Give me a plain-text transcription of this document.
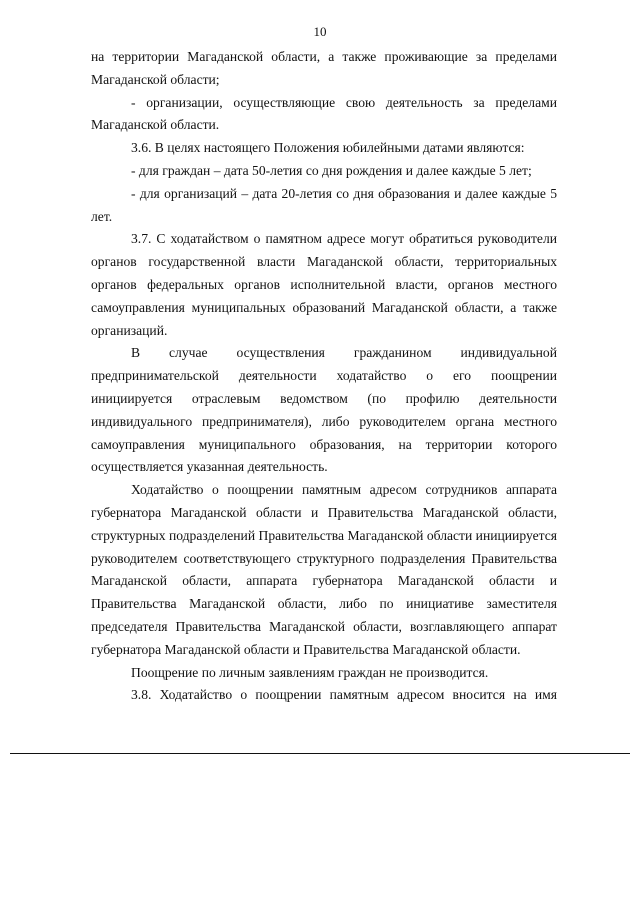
10

на территории Магаданской области, а также проживающие за пределами Магаданской области;

- организации, осуществляющие свою деятельность за пределами Магаданской области.

3.6. В целях настоящего Положения юбилейными датами являются:

- для граждан – дата 50-летия со дня рождения и далее каждые 5 лет;

- для организаций – дата 20-летия со дня образования и далее каждые 5 лет.

3.7. С ходатайством о памятном адресе могут обратиться руководители органов государственной власти Магаданской области, территориальных органов федеральных органов исполнительной власти, органов местного самоуправления муниципальных образований Магаданской области, а также организаций.

В случае осуществления гражданином индивидуальной предпринимательской деятельности ходатайство о его поощрении инициируется отраслевым ведомством (по профилю деятельности индивидуального предпринимателя), либо руководителем органа местного самоуправления муниципального образования, на территории которого осуществляется указанная деятельность.

Ходатайство о поощрении памятным адресом сотрудников аппарата губернатора Магаданской области и Правительства Магаданской области, структурных подразделений Правительства Магаданской области инициируется руководителем соответствующего структурного подразделения Правительства Магаданской области, аппарата губернатора Магаданской области и Правительства Магаданской области, либо по инициативе заместителя председателя Правительства Магаданской области, возглавляющего аппарат губернатора Магаданской области и Правительства Магаданской области.

Поощрение по личным заявлениям граждан не производится.

3.8. Ходатайство о поощрении памятным адресом вносится на имя
